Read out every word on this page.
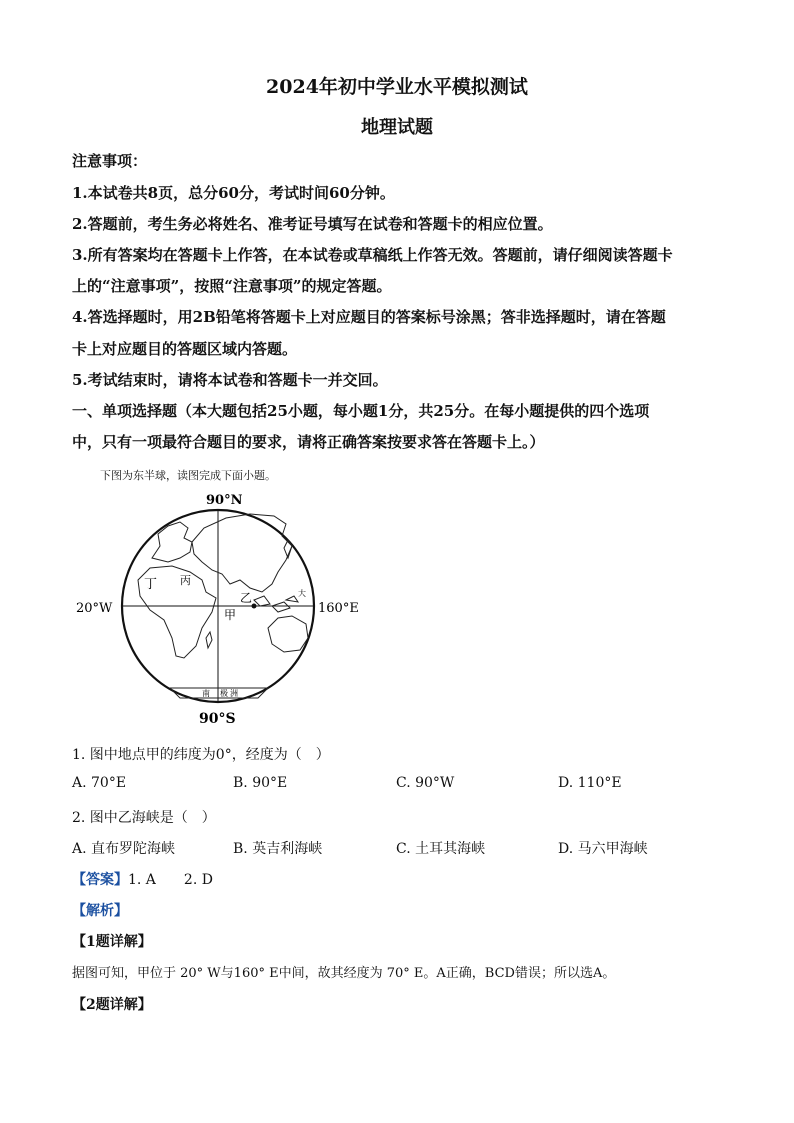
2024年初中学业水平模拟测试
地理试题
注意事项：
1.本试卷共8页，总分60分，考试时间60分钟。
2.答题前，考生务必将姓名、准考证号填写在试卷和答题卡的相应位置。
3.所有答案均在答题卡上作答，在本试卷或草稿纸上作答无效。答题前，请仔细阅读答题卡
上的“注意事项”，按照“注意事项”的规定答题。
4.答选择题时，用2B铅笔将答题卡上对应题目的答案标号涂黑；答非选择题时，请在答题
卡上对应题目的答题区域内答题。
5.考试结束时，请将本试卷和答题卡一并交回。
一、单项选择题（本大题包括25小题，每小题1分，共25分。在每小题提供的四个选项
中，只有一项最符合题目的要求，请将正确答案按要求答在答题卡上。）
下图为东半球，读图完成下面小题。
90°N
90°S
20°W	160°E
丁 丙
乙
甲
大
南 极 洲
1. 图中地点甲的纬度为0°，经度为（　）
A. 70°E	B. 90°E	C. 90°W	D. 110°E
2. 图中乙海峡是（　）
A. 直布罗陀海峡	B. 英吉利海峡	C. 土耳其海峡	D. 马六甲海峡
【答案】1. A　　2. D
【解析】
【1题详解】
据图可知，甲位于 20° W与160° E中间，故其经度为 70° E。A正确，BCD错误；所以选A。
【2题详解】
